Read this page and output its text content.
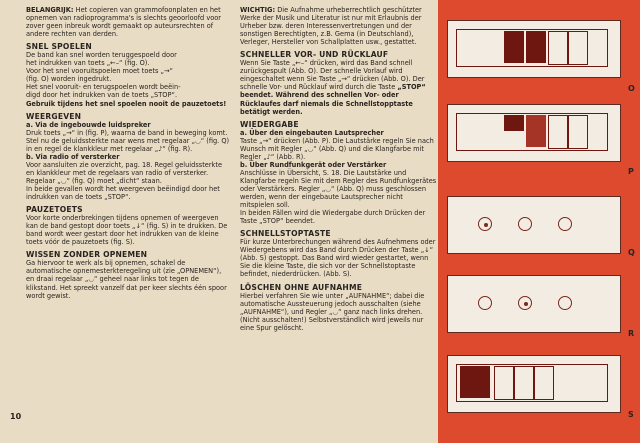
BELANGRIJK: Het copieren van grammofoonplaten en het opnemen van radioprogramma's is slechts geoorloofd voor zover geen inbreuk wordt gemaakt op auteursrechten of andere rechten van derden.

SNEL SPOELEN

De band kan snel worden teruggespoeld door

het indrukken van toets „←–“ (fig. O).

Voor het snel vooruitspoelen moet toets „→“

(fig. O) worden ingedrukt.

Het snel vooruit- en terugspoelen wordt beëin-

digd door het indrukken van de toets „STOP“.

Gebruik tijdens het snel spoelen nooit de pauzetoets!

WEERGEVEN

a. Via de ingebouwde luidspreker

Druk toets „→“ in (fig. P), waarna de band in beweging komt. Stel nu de geluidssterkte naar wens met regelaar „◡“ (fig. Q) in en regel de klankkleur met regelaar „♪“ (fig. R).

b. Via radio of versterker

Voor aansluiten zie overzicht, pag. 18. Regel geluidssterkte en klankkleur met de regelaars van radio of versterker. Regelaar „◡“ (fig. Q) moet „dicht“ staan.

In beide gevallen wordt het weergeven beëindigd door het indrukken van de toets „STOP“.

PAUZETOETS

Voor korte onderbrekingen tijdens opnemen of weergeven kan de band gestopt door toets „↓“ (fig. S) in te drukken. De band wordt weer gestart door het indrukken van de kleine toets vóór de pauzetoets (fig. S).

WISSEN ZONDER OPNEMEN

Ga hiervoor te werk als bij opnemen, schakel de automatische opnemesterkteregeling uit (zie „OPNEMEN“), en draai regelaar „◡“ geheel naar links tot tegen de klikstand. Het spreekt vanzelf dat per keer slechts één spoor wordt gewist.

WICHTIG: Die Aufnahme urheberrechtlich geschützter Werke der Musik und Literatur ist nur mit Erlaubnis der Urheber bzw. deren Interessenvertretungen und der sonstigen Berechtigten, z.B. Gema (in Deutschland), Verleger, Hersteller von Schallplatten usw., gestattet.

SCHNELLER VOR- UND RÜCKLAUF

Wenn Sie Taste „←–“ drücken, wird das Band schnell zurückgespult (Abb. O). Der schnelle Vorlauf wird eingeschaltet wenn Sie Taste „→“ drücken (Abb. O). Der schnelle Vor- und Rücklauf wird durch die Taste „STOP“ beendet. Während des schnellen Vor- oder Rücklaufes darf niemals die Schnellstopptaste betätigt werden.

WIEDERGABE

a. Über den eingebauten Lautsprecher

Taste „→“ drücken (Abb. P). Die Lautstärke regeln Sie nach Wunsch mit Regler „◡“ (Abb. Q) und die Klangfarbe mit Regler „♪“ (Abb. R).

b. Über Rundfunkgerät oder Verstärker

Anschlüsse in Übersicht, S. 18. Die Lautstärke und Klangfarbe regeln Sie mit dem Regler des Rundfunkgerätes oder Verstärkers. Regler „◡“ (Abb. Q) muss geschlossen werden, wenn der eingebaute Lautsprecher nicht mitspielen soll.

In beiden Fällen wird die Wiedergabe durch Drücken der Taste „STOP“ beendet.

SCHNELLSTOPTASTE

Für kurze Unterbrechungen während des Aufnehmens oder Wiedergebens wird das Band durch Drücken der Taste „↓“ (Abb. S) gestoppt. Das Band wird wieder gestartet, wenn Sie die kleine Taste, die sich vor der Schnellstoptaste befindet, niederdrücken. (Abb. S).

LÖSCHEN OHNE AUFNAHME

Hierbei verfahren Sie wie unter „AUFNAHME“; dabei die automatische Aussteuerung jedoch ausschalten (siehe „AUFNAHME“), und Regler „◡“ ganz nach links drehen. (Nicht ausschalten!) Selbstverständlich wird jeweils nur eine Spur gelöscht.

10
O
P
Q
R
S
